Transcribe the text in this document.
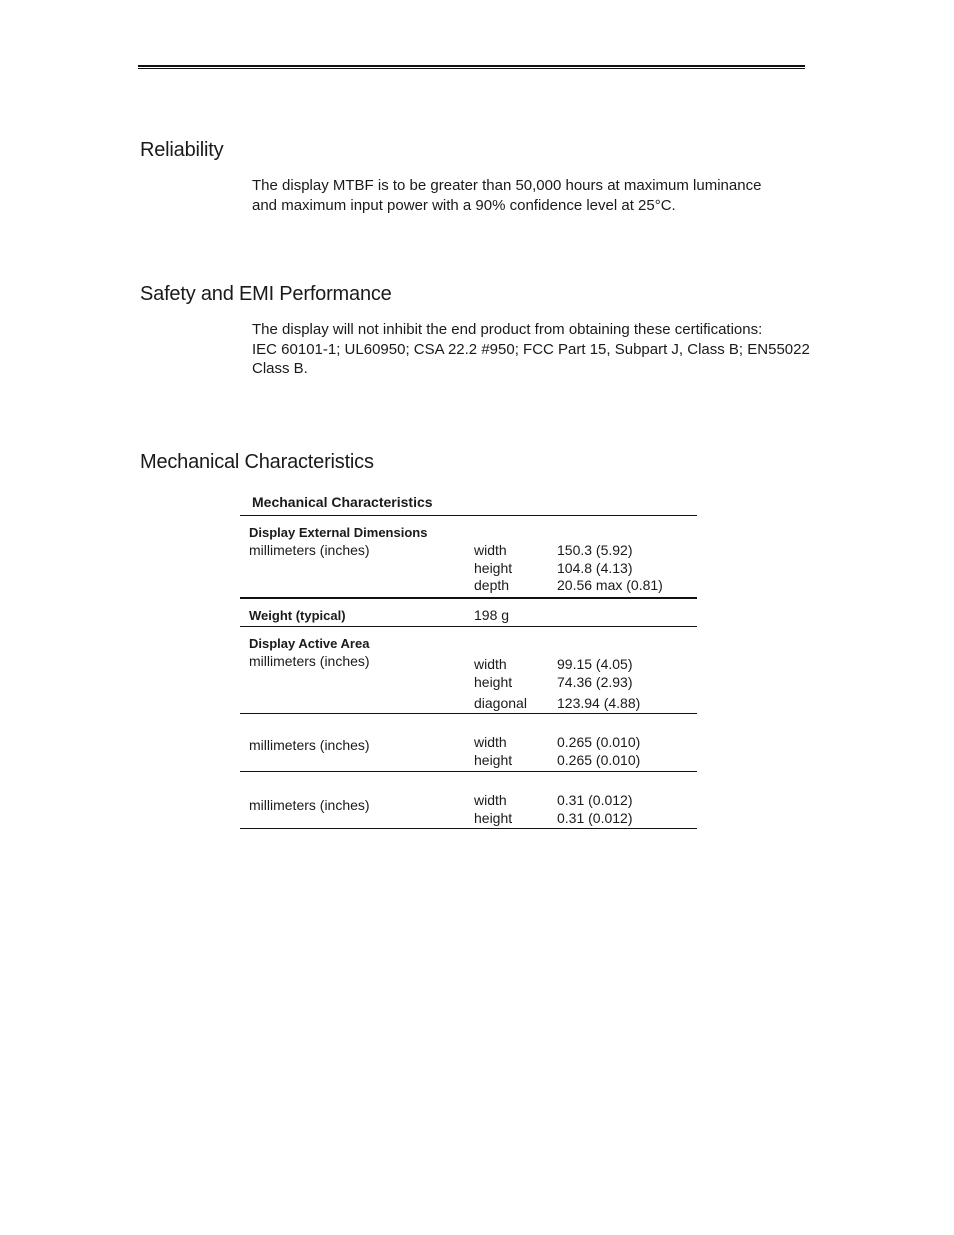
Reliability

The display MTBF is to be greater than 50,000 hours at maximum luminance
and maximum input power with a 90% confidence level at 25°C.

Safety and EMI Performance

The display will not inhibit the end product from obtaining these certifications:
IEC 60101-1; UL60950; CSA 22.2 #950; FCC Part 15, Subpart J, Class B; EN55022
Class B.

Mechanical Characteristics
Mechanical Characteristics
Display External Dimensions
millimeters (inches)	width	150.3 (5.92)
height	104.8 (4.13)
depth	20.56 max (0.81)
Weight (typical)	198 g
Display Active Area
millimeters (inches)	width	99.15 (4.05)
height	74.36 (2.93)
diagonal 123.94 (4.88)
millimeters (inches)	width	0.265 (0.010)
height	0.265 (0.010)
millimeters (inches)	width	0.31 (0.012)
height	0.31 (0.012)
